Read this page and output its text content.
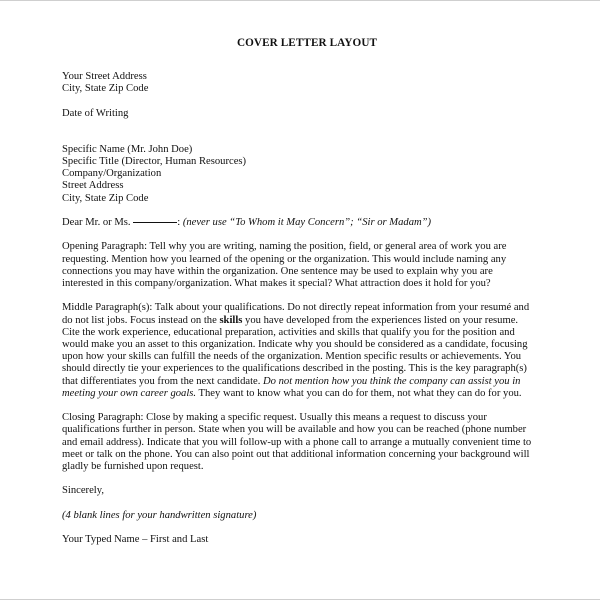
COVER LETTER LAYOUT
Your Street Address
City, State Zip Code
Date of Writing
Specific Name (Mr. John Doe)
Specific Title (Director, Human Resources)
Company/Organization
Street Address
City, State Zip Code
Dear Mr. or Ms.	: (never use “To Whom it May Concern”; “Sir or Madam”)
Opening Paragraph: Tell why you are writing, naming the position, field, or general area of work you are
requesting. Mention how you learned of the opening or the organization. This would include naming any
connections you may have within the organization. One sentence may be used to explain why you are
interested in this company/organization. What makes it special? What attraction does it hold for you?
Middle Paragraph(s): Talk about your qualifications. Do not directly repeat information from your resumé and
do not list jobs. Focus instead on the skills you have developed from the experiences listed on your resume.
Cite the work experience, educational preparation, activities and skills that qualify you for the position and
would make you an asset to this organization. Indicate why you should be considered as a candidate, focusing
upon how your skills can fulfill the needs of the organization. Mention specific results or achievements. You
should directly tie your experiences to the qualifications described in the posting. This is the key paragraph(s)
that differentiates you from the next candidate. Do not mention how you think the company can assist you in
meeting your own career goals. They want to know what you can do for them, not what they can do for you.
Closing Paragraph: Close by making a specific request. Usually this means a request to discuss your
qualifications further in person. State when you will be available and how you can be reached (phone number
and email address). Indicate that you will follow-up with a phone call to arrange a mutually convenient time to
meet or talk on the phone. You can also point out that additional information concerning your background will
gladly be furnished upon request.
Sincerely,
(4 blank lines for your handwritten signature)
Your Typed Name – First and Last
